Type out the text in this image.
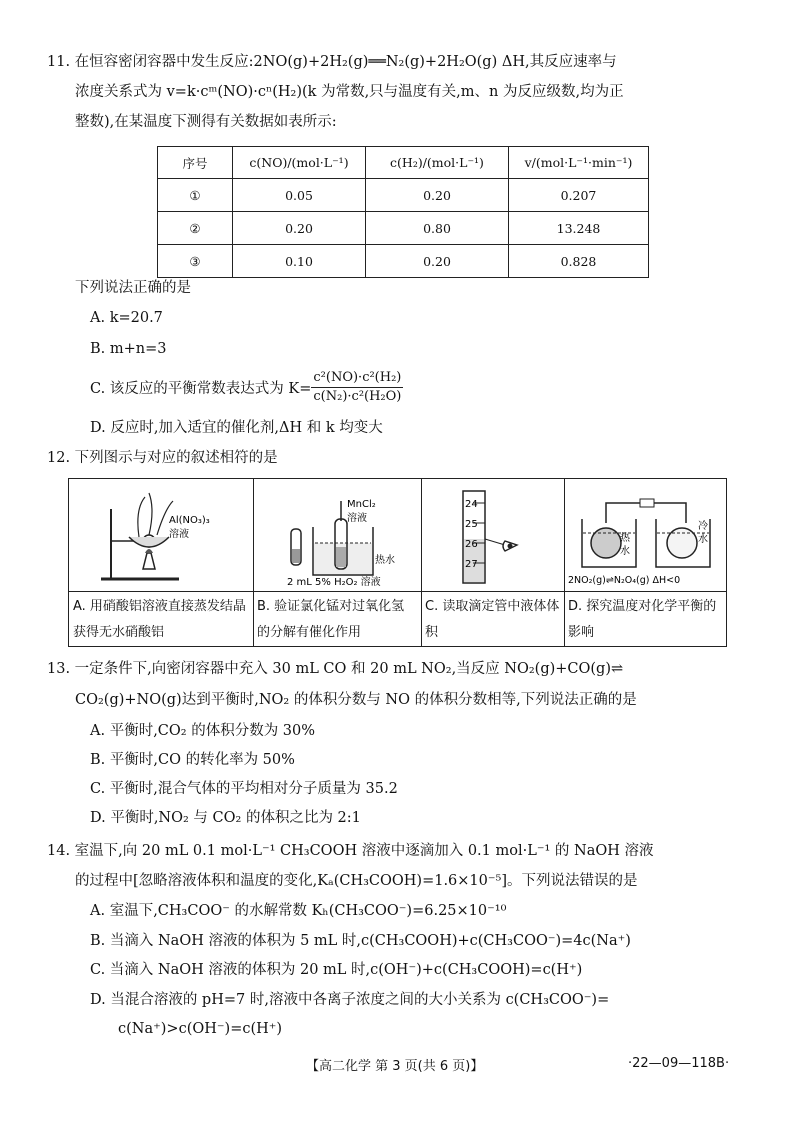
11. 在恒容密闭容器中发生反应:2NO(g)+2H₂(g)══N₂(g)+2H₂O(g) ΔH,其反应速率与
浓度关系式为 v=k·cᵐ(NO)·cⁿ(H₂)(k 为常数,只与温度有关,m、n 为反应级数,均为正
整数),在某温度下测得有关数据如表所示:
序号	c(NO)/(mol·L⁻¹)	c(H₂)/(mol·L⁻¹)	v/(mol·L⁻¹·min⁻¹)
①	0.05	0.20	0.207
②	0.20	0.80	13.248
③	0.10	0.20	0.828
下列说法正确的是
A. k=20.7
B. m+n=3
C. 该反应的平衡常数表达式为 $K= \frac{\text{c²(NO)·c²(H₂)}}{\text{c(N₂)·c²(H₂O)}}$
D. 反应时,加入适宜的催化剂,ΔH 和 k 均变大
12. 下列图示与对应的叙述相符的是
Al(NO₃)₃
溶液
A. 用硝酸铝溶液直接蒸发结晶获得无水硝酸铝
MnCl₂
溶液
热水
2 mL 5% H₂O₂ 溶液
B. 验证氯化锰对过氧化氢的分解有催化作用
24
25
26
27
C. 读取滴定管中液体体积
热
水
冷
水
2NO₂(g)⇌N₂O₄(g) ΔH<0
D. 探究温度对化学平衡的影响
13. 一定条件下,向密闭容器中充入 30 mL CO 和 20 mL NO₂,当反应 NO₂(g)+CO(g)⇌
CO₂(g)+NO(g)达到平衡时,NO₂ 的体积分数与 NO 的体积分数相等,下列说法正确的是
A. 平衡时,CO₂ 的体积分数为 30%
B. 平衡时,CO 的转化率为 50%
C. 平衡时,混合气体的平均相对分子质量为 35.2
D. 平衡时,NO₂ 与 CO₂ 的体积之比为 2:1
14. 室温下,向 20 mL 0.1 mol·L⁻¹ CH₃COOH 溶液中逐滴加入 0.1 mol·L⁻¹ 的 NaOH 溶液
的过程中[忽略溶液体积和温度的变化,Kₐ(CH₃COOH)=1.6×10⁻⁵]。下列说法错误的是
A. 室温下,CH₃COO⁻ 的水解常数 Kₕ(CH₃COO⁻)=6.25×10⁻¹⁰
B. 当滴入 NaOH 溶液的体积为 5 mL 时,c(CH₃COOH)+c(CH₃COO⁻)=4c(Na⁺)
C. 当滴入 NaOH 溶液的体积为 20 mL 时,c(OH⁻)+c(CH₃COOH)=c(H⁺)
D. 当混合溶液的 pH=7 时,溶液中各离子浓度之间的大小关系为 c(CH₃COO⁻)=
c(Na⁺)>c(OH⁻)=c(H⁺)
【高二化学 第 3 页(共 6 页)】	·22—09—118B·
